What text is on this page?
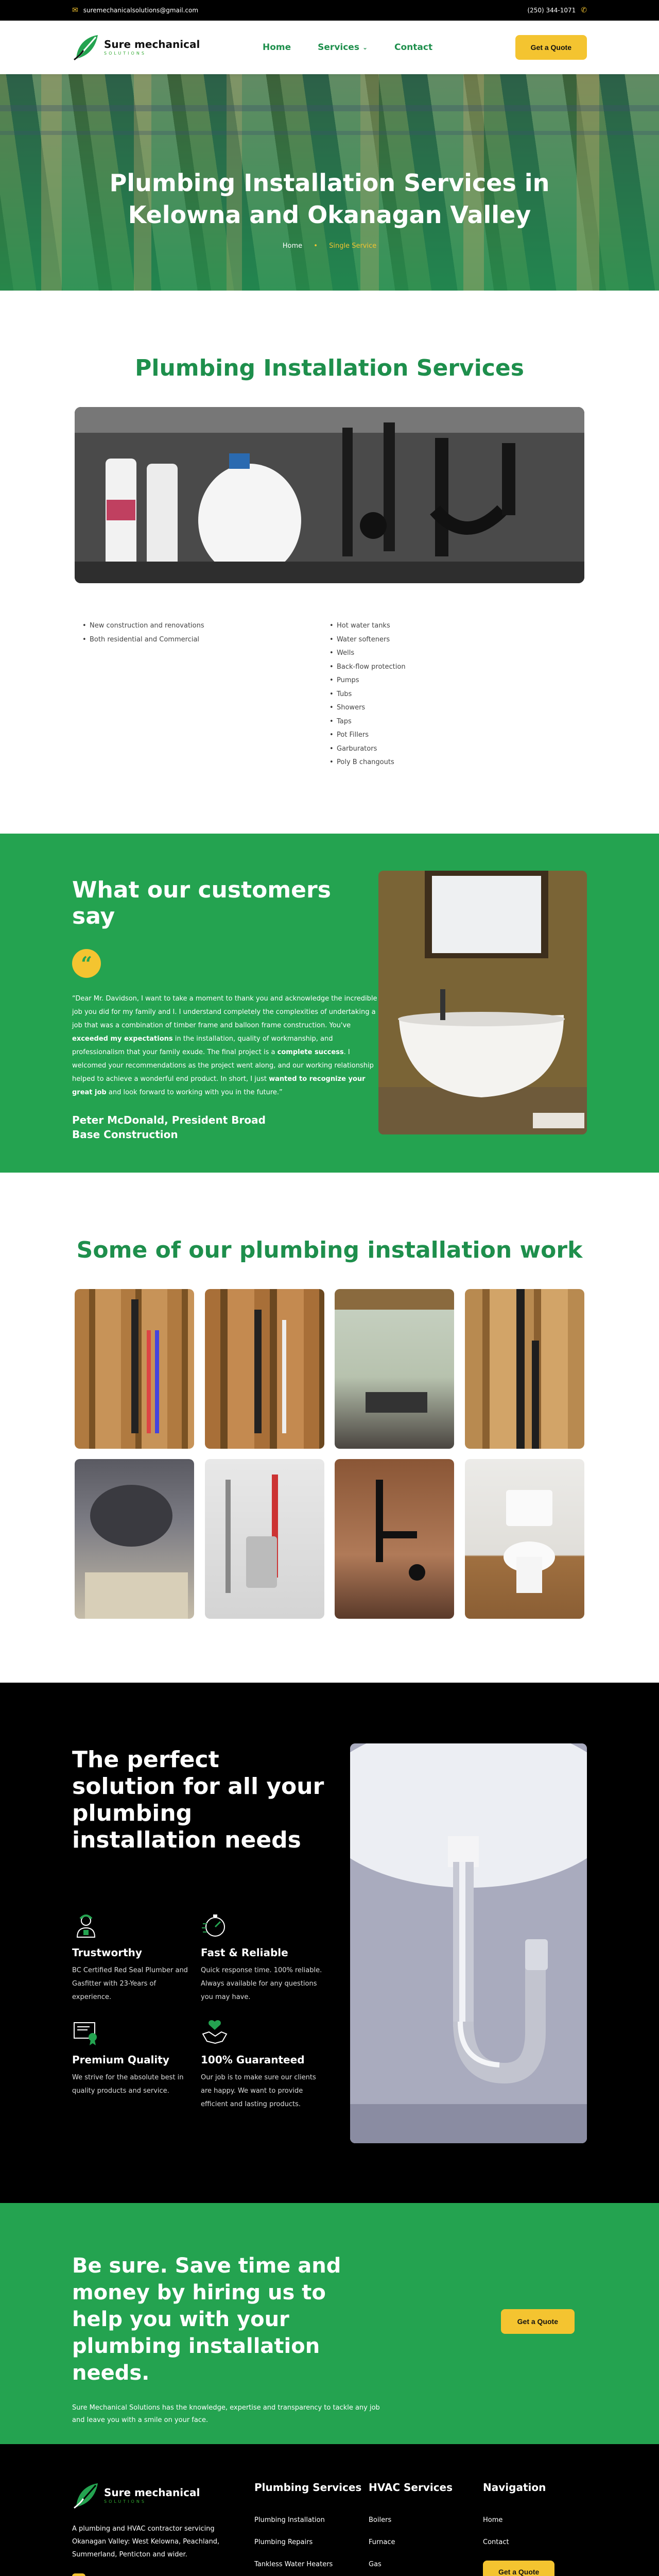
✉ suremechanicalsolutions@gmail.com	(250) 344-1071 ✆
Sure mechanical
SOLUTIONS
Home	Services ⌄	Contact	Get a Quote
Plumbing Installation Services in Kelowna and Okanagan Valley
Home • Single Service
Plumbing Installation Services
• New construction and renovations
• Both residential and Commercial
• Hot water tanks
• Water softeners
• Wells
• Back-flow protection
• Pumps
• Tubs
• Showers
• Taps
• Pot Fillers
• Garburators
• Poly B changouts
What our customers say
“

“Dear Mr. Davidson, I want to take a moment to thank you and acknowledge the incredible job you did for my family and I. I understand completely the complexities of undertaking a job that was a combination of timber frame and balloon frame construction. You've exceeded my expectations in the installation, quality of workmanship, and professionalism that your family exude. The final project is a complete success. I welcomed your recommendations as the project went along, and our working relationship helped to achieve a wonderful end product. In short, I just wanted to recognize your great job and look forward to working with you in the future.”

Peter McDonald, President Broad Base Construction
Some of our plumbing installation work
The perfect solution for all your plumbing installation needs
Trustworthy

BC Certified Red Seal Plumber and Gasfitter with 23-Years of experience.

Fast & Reliable

Quick response time. 100% reliable. Always available for any questions you may have.

Premium Quality

We strive for the absolute best in quality products and service.

100% Guaranteed

Our job is to make sure our clients are happy. We want to provide efficient and lasting products.

Be sure. Save time and money by hiring us to help you with your plumbing installation needs.

Sure Mechanical Solutions has the knowledge, expertise and transparency to tackle any job and leave you with a smile on your face.

Get a Quote
Sure mechanical
SOLUTIONS

A plumbing and HVAC contractor servicing Okanagan Valley: West Kelowna, Peachland, Summerland, Penticton and wider.

Plumbing Services
Plumbing Installation
Plumbing Repairs
Tankless Water Heaters
HVAC Services
Boilers
Furnace
Gas
Navigation
Home
Contact
Get a Quote
